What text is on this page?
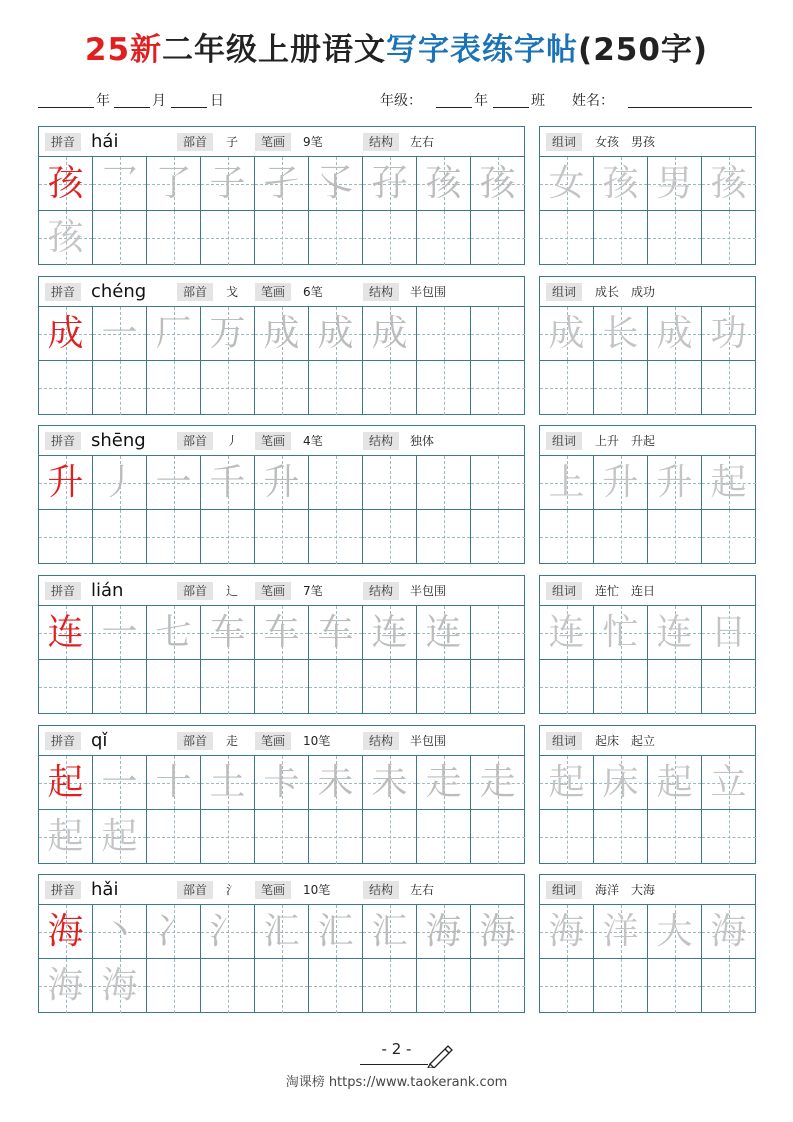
25新二年级上册语文写字表练字帖(250字)
年	月	日	年级：	年	班 姓名：
拼音 hái	部首	子	笔画	9笔	结构	左右
孩 乛 了 子 孑 孓 孖 孩 孩
孩
组词	女孩　男孩
女 孩 男 孩
拼音 chéng	部首	戈	笔画	6笔	结构	半包围
成 一 厂 万 成 成 成
组词	成长　成功
成 长 成 功
拼音 shēng	部首	丿	笔画	4笔	结构	独体
升 丿 一 千 升
组词	上升　升起
上 升 升 起
拼音 lián	部首	辶	笔画	7笔	结构	半包围
连 一 七 车 车 车 连 连
组词	连忙　连日
连 忙 连 日
拼音 qǐ	部首	走	笔画	10笔	结构	半包围
起 一 十 土 卡 未 未 走 走
起 起
组词	起床　起立
起 床 起 立
拼音 hǎi	部首	氵	笔画	10笔	结构	左右
海 丶 冫 氵 汇 汇 汇 海 海
海 海
组词	海洋　大海
海 洋 大 海
- 2 -
淘课榜 https://www.taokerank.com
